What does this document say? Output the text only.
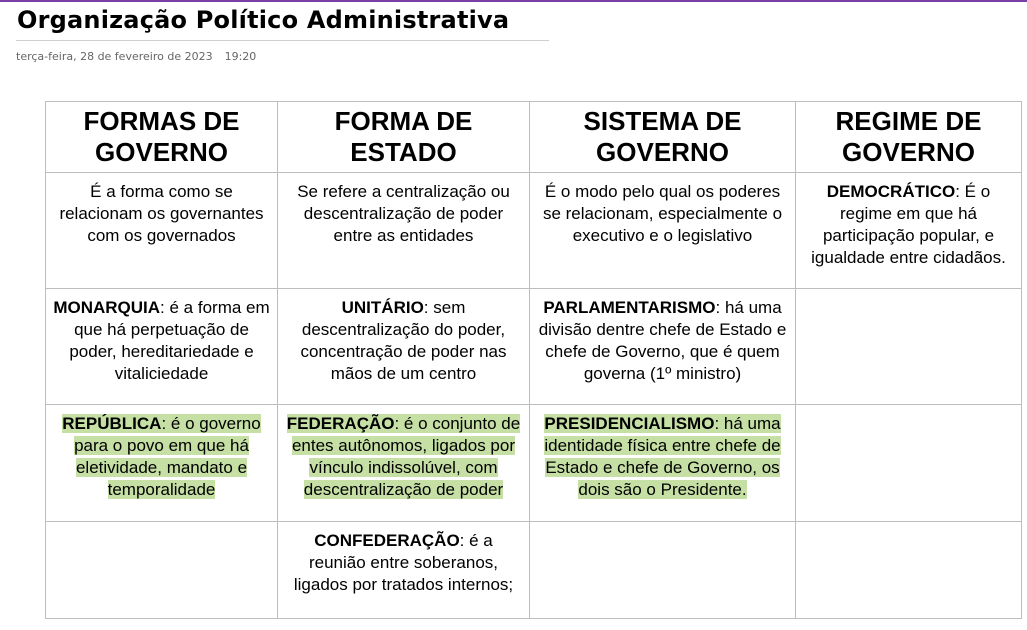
Organização Político Administrativa
terça-feira, 28 de fevereiro de 2023 19:20
FORMAS DE GOVERNO	FORMA DE ESTADO	SISTEMA DE GOVERNO	REGIME DE GOVERNO
É a forma como se relacionam os governantes com os governados	Se refere a centralização ou descentralização de poder entre as entidades	É o modo pelo qual os poderes se relacionam, especialmente o executivo e o legislativo	DEMOCRÁTICO: É o regime em que há participação popular, e igualdade entre cidadãos.
MONARQUIA: é a forma em que há perpetuação de poder, hereditariedade e vitaliciedade	UNITÁRIO: sem descentralização do poder, concentração de poder nas mãos de um centro	PARLAMENTARISMO: há uma divisão dentre chefe de Estado e chefe de Governo, que é quem governa (1º ministro)	
REPÚBLICA: é o governo para o povo em que há eletividade, mandato e temporalidade	FEDERAÇÃO: é o conjunto de entes autônomos, ligados por vínculo indissolúvel, com descentralização de poder	PRESIDENCIALISMO: há uma identidade física entre chefe de Estado e chefe de Governo, os dois são o Presidente.	
	CONFEDERAÇÃO: é a reunião entre soberanos, ligados por tratados internos;		
